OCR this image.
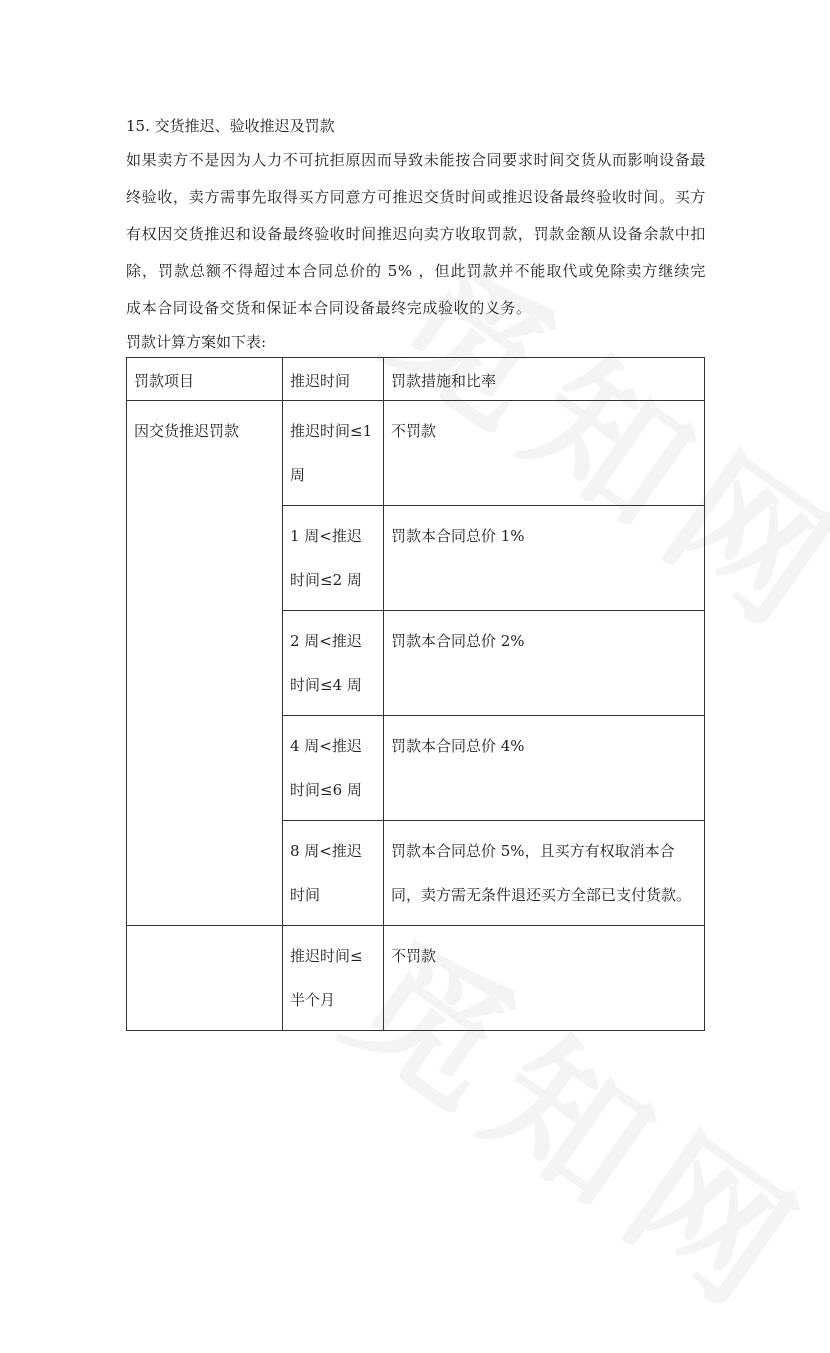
15. 交货推迟、验收推迟及罚款

如果卖方不是因为人力不可抗拒原因而导致未能按合同要求时间交货从而影响设备最终验收，卖方需事先取得买方同意方可推迟交货时间或推迟设备最终验收时间。买方有权因交货推迟和设备最终验收时间推迟向卖方收取罚款，罚款金额从设备余款中扣除，罚款总额不得超过本合同总价的 5% ，但此罚款并不能取代或免除卖方继续完成本合同设备交货和保证本合同设备最终完成验收的义务。

罚款计算方案如下表:

罚款项目	推迟时间	罚款措施和比率
因交货推迟罚款	推迟时间≤1 周	不罚款
	1 周<推迟时间≤2 周	罚款本合同总价 1%
	2 周<推迟时间≤4 周	罚款本合同总价 2%
	4 周<推迟时间≤6 周	罚款本合同总价 4%
	8 周<推迟时间	罚款本合同总价 5%，且买方有权取消本合同，卖方需无条件退还买方全部已支付货款。
	推迟时间≤半个月	不罚款
